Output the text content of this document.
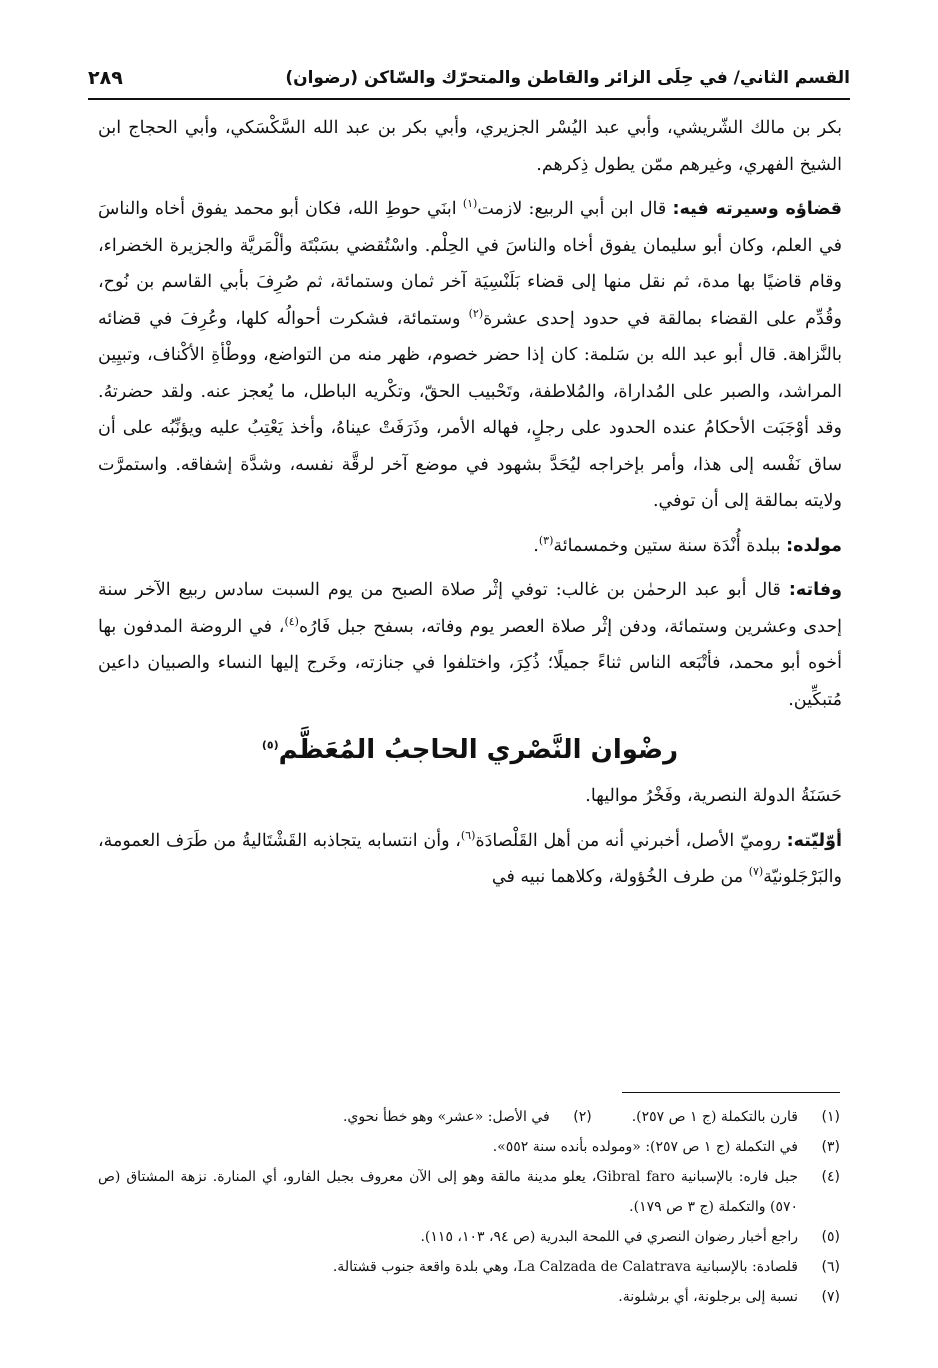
القسم الثاني/ في حِلَى الزائر والقاطن والمتحرّك والسّاكن (رضوان)
٢٨٩

بكر بن مالك الشّريشي، وأبي عبد اليُسْر الجزيري، وأبي بكر بن عبد الله السَّكْسَكي، وأبي الحجاج ابن الشيخ الفهري، وغيرهم ممّن يطول ذِكرهم.

قضاؤه وسيرته فيه: قال ابن أبي الربيع: لازمت$^{(١)}$ ابنَي حوطِ الله، فكان أبو محمد يفوق أخاه والناسَ في العلم، وكان أبو سليمان يفوق أخاه والناسَ في الحِلْم. واسْتُقضي بسَبْتَة وألْمَريَّة والجزيرة الخضراء، وقام قاضيًا بها مدة، ثم نقل منها إلى قضاء بَلَنْسِيَة آخر ثمان وستمائة، ثم صُرِفَ بأبي القاسم بن نُوح، وقُدِّم على القضاء بمالقة في حدود إحدى عشرة$^{(٢)}$ وستمائة، فشكرت أحوالُه كلها، وعُرِفَ في قضائه بالنَّزاهة. قال أبو عبد الله بن سَلمة: كان إذا حضر خصوم، ظهر منه من التواضع، ووطْأةِ الأكْناف، وتبيِين المراشد، والصبر على المُداراة، والمُلاطفة، وتَحْبيب الحقّ، وتكْريه الباطل، ما يُعجز عنه. ولقد حضرتهُ. وقد أوْجَبَت الأحكامُ عنده الحدود على رجلٍ، فهاله الأمر، وذَرَفَتْ عيناهُ، وأخذ يَعْتِبُ عليه ويؤنِّبُه على أن ساق نَفْسه إلى هذا، وأمر بإخراجه ليُحَدَّ بشهود في موضع آخر لرقَّة نفسه، وشدَّة إشفاقه. واستمرَّت ولايته بمالقة إلى أن توفي.

مولده: ببلدة أُنْدَة سنة ستين وخمسمائة$^{(٣)}$.

وفاته: قال أبو عبد الرحمٰن بن غالب: توفي إثْر صلاة الصبح من يوم السبت سادس ربيع الآخر سنة إحدى وعشرين وستمائة، ودفن إثْر صلاة العصر يوم وفاته، بسفح جبل فَارُه$^{(٤)}$، في الروضة المدفون بها أخوه أبو محمد، فأتْبَعه الناس ثناءً جميلًا؛ ذُكِرَ، واختلفوا في جنازته، وخَرج إليها النساء والصبيان داعين مُتبكِّين.

رضْوان النَّصْري الحاجبُ المُعَظَّم$^{(٥)}$

حَسَنَةُ الدولة النصرية، وفَخْرُ مواليها.

أوّليّته: روميّ الأصل، أخبرني أنه من أهل القَلْصادَة$^{(٦)}$، وأن انتسابه يتجاذبه القَشْتَاليةُ من طَرَف العمومة، والبَرْجَلونيّة$^{(٧)}$ من طرف الخُؤولة، وكلاهما نبيه في

(١)
قارن بالتكملة (ج ١ ص ٢٥٧).
(٢)
في الأصل: «عشر» وهو خطأ نحوي.
(٣)
في التكملة (ج ١ ص ٢٥٧): «ومولده بأنده سنة ٥٥٢».
(٤)
جبل فاره: بالإسبانية Gibral faro، يعلو مدينة مالقة وهو إلى الآن معروف بجبل الفارو، أي المنارة. نزهة المشتاق (ص ٥٧٠) والتكملة (ج ٣ ص ١٧٩).
(٥)
راجع أخبار رضوان النصري في اللمحة البدرية (ص ٩٤، ١٠٣، ١١٥).
(٦)
قلصادة: بالإسبانية La Calzada de Calatrava، وهي بلدة واقعة جنوب قشتالة.
(٧)
نسبة إلى برجلونة، أي برشلونة.
